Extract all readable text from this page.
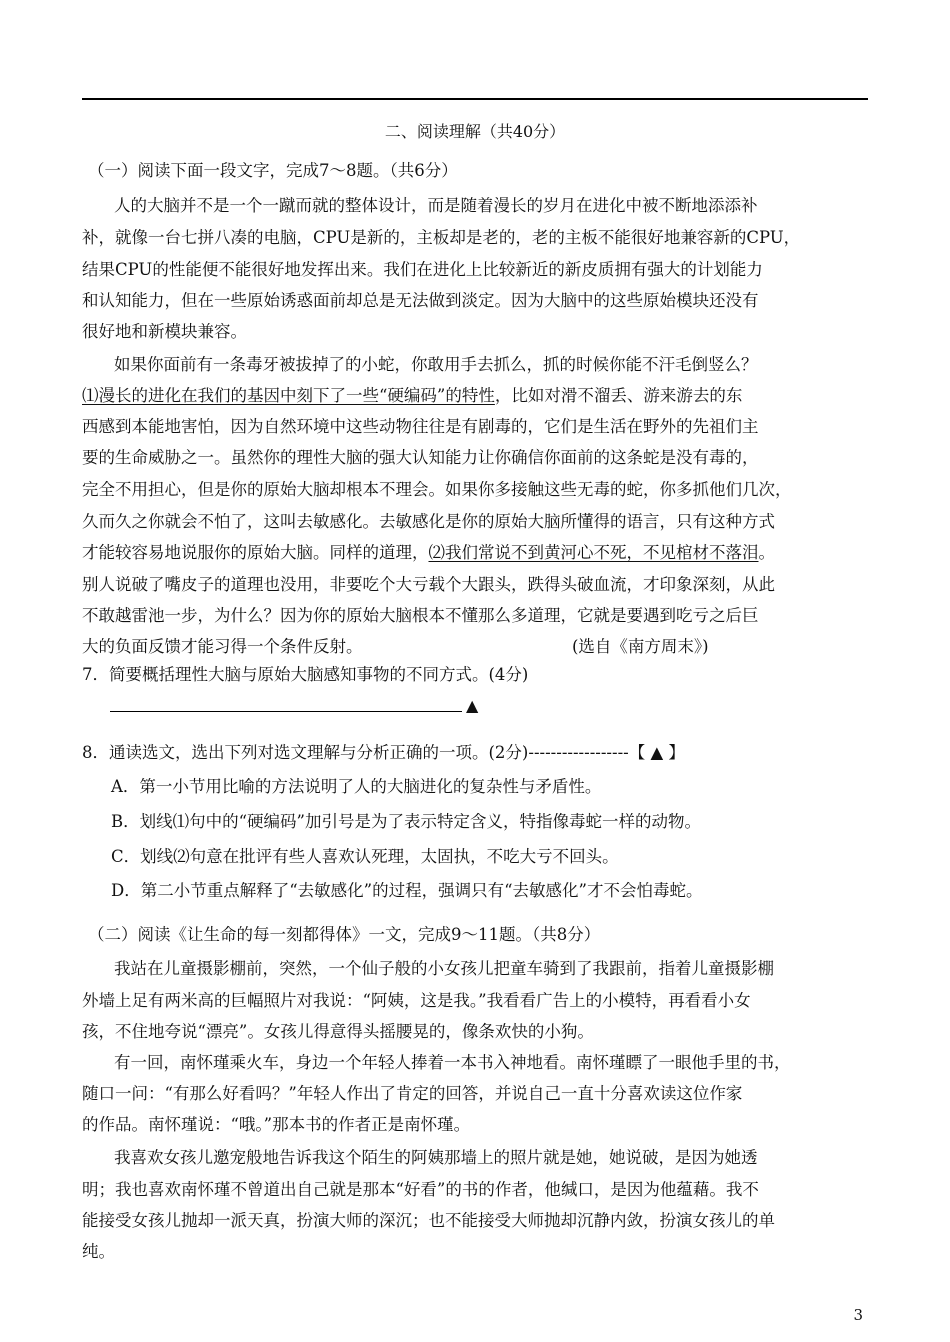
二、阅读理解（共40分）
（一）阅读下面一段文字，完成7～8题。（共6分）
人的大脑并不是一个一蹴而就的整体设计，而是随着漫长的岁月在进化中被不断地添添补
补，就像一台七拼八凑的电脑，CPU是新的，主板却是老的，老的主板不能很好地兼容新的CPU，
结果CPU的性能便不能很好地发挥出来。我们在进化上比较新近的新皮质拥有强大的计划能力
和认知能力，但在一些原始诱惑面前却总是无法做到淡定。因为大脑中的这些原始模块还没有
很好地和新模块兼容。
如果你面前有一条毒牙被拔掉了的小蛇，你敢用手去抓么，抓的时候你能不汗毛倒竖么？
⑴漫长的进化在我们的基因中刻下了一些“硬编码”的特性，比如对滑不溜丢、游来游去的东
西感到本能地害怕，因为自然环境中这些动物往往是有剧毒的，它们是生活在野外的先祖们主
要的生命威胁之一。虽然你的理性大脑的强大认知能力让你确信你面前的这条蛇是没有毒的，
完全不用担心，但是你的原始大脑却根本不理会。如果你多接触这些无毒的蛇，你多抓他们几次，
久而久之你就会不怕了，这叫去敏感化。去敏感化是你的原始大脑所懂得的语言，只有这种方式
才能较容易地说服你的原始大脑。同样的道理，⑵我们常说不到黄河心不死，不见棺材不落泪。
别人说破了嘴皮子的道理也没用，非要吃个大亏载个大跟头，跌得头破血流，才印象深刻，从此
不敢越雷池一步，为什么？因为你的原始大脑根本不懂那么多道理，它就是要遇到吃亏之后巨
大的负面反馈才能习得一个条件反射。	(选自《南方周末》)
7．简要概括理性大脑与原始大脑感知事物的不同方式。(4分)
▲
8．通读选文，选出下列对选文理解与分析正确的一项。(2分)------------------【 ▲ 】
A．第一小节用比喻的方法说明了人的大脑进化的复杂性与矛盾性。
B．划线⑴句中的“硬编码”加引号是为了表示特定含义，特指像毒蛇一样的动物。
C．划线⑵句意在批评有些人喜欢认死理，太固执，不吃大亏不回头。
D．第二小节重点解释了“去敏感化”的过程，强调只有“去敏感化”才不会怕毒蛇。
（二）阅读《让生命的每一刻都得体》一文，完成9～11题。（共8分）
我站在儿童摄影棚前，突然，一个仙子般的小女孩儿把童车骑到了我跟前，指着儿童摄影棚
外墙上足有两米高的巨幅照片对我说：“阿姨，这是我。”我看看广告上的小模特，再看看小女
孩，不住地夸说“漂亮”。女孩儿得意得头摇腰晃的，像条欢快的小狗。
有一回，南怀瑾乘火车，身边一个年轻人捧着一本书入神地看。南怀瑾瞟了一眼他手里的书，
随口一问：“有那么好看吗？”年轻人作出了肯定的回答，并说自己一直十分喜欢读这位作家
的作品。南怀瑾说：“哦。”那本书的作者正是南怀瑾。
我喜欢女孩儿邀宠般地告诉我这个陌生的阿姨那墙上的照片就是她，她说破，是因为她透
明；我也喜欢南怀瑾不曾道出自己就是那本“好看”的书的作者，他缄口，是因为他蕴藉。我不
能接受女孩儿抛却一派天真，扮演大师的深沉；也不能接受大师抛却沉静内敛，扮演女孩儿的单
纯。
3
